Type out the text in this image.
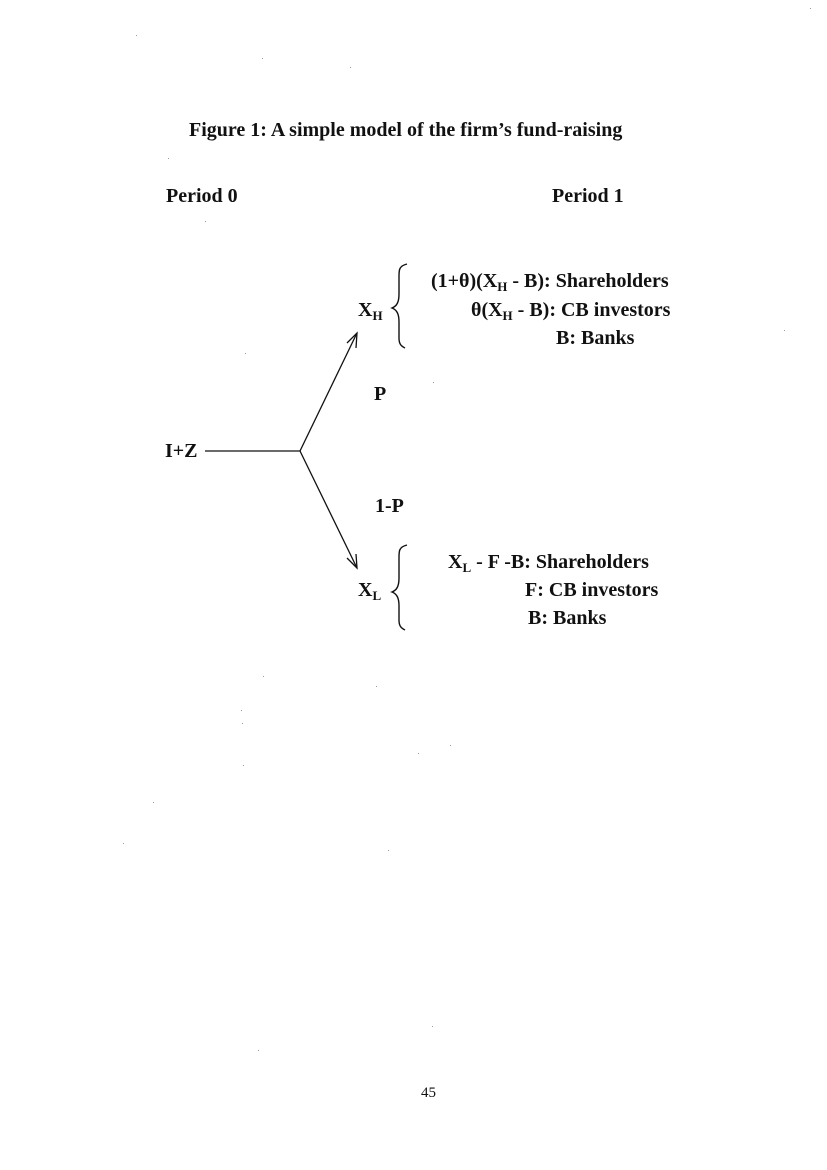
Figure 1: A simple model of the firm’s fund-raising
Period 0	Period 1
I+Z
$X_H$
$X_L$
P
1-P
$(1+\theta)(X_H - B)$: Shareholders
$\theta(X_H - B)$: CB investors
B: Banks
$X_L$ - F -B: Shareholders
F: CB investors
B: Banks
45
